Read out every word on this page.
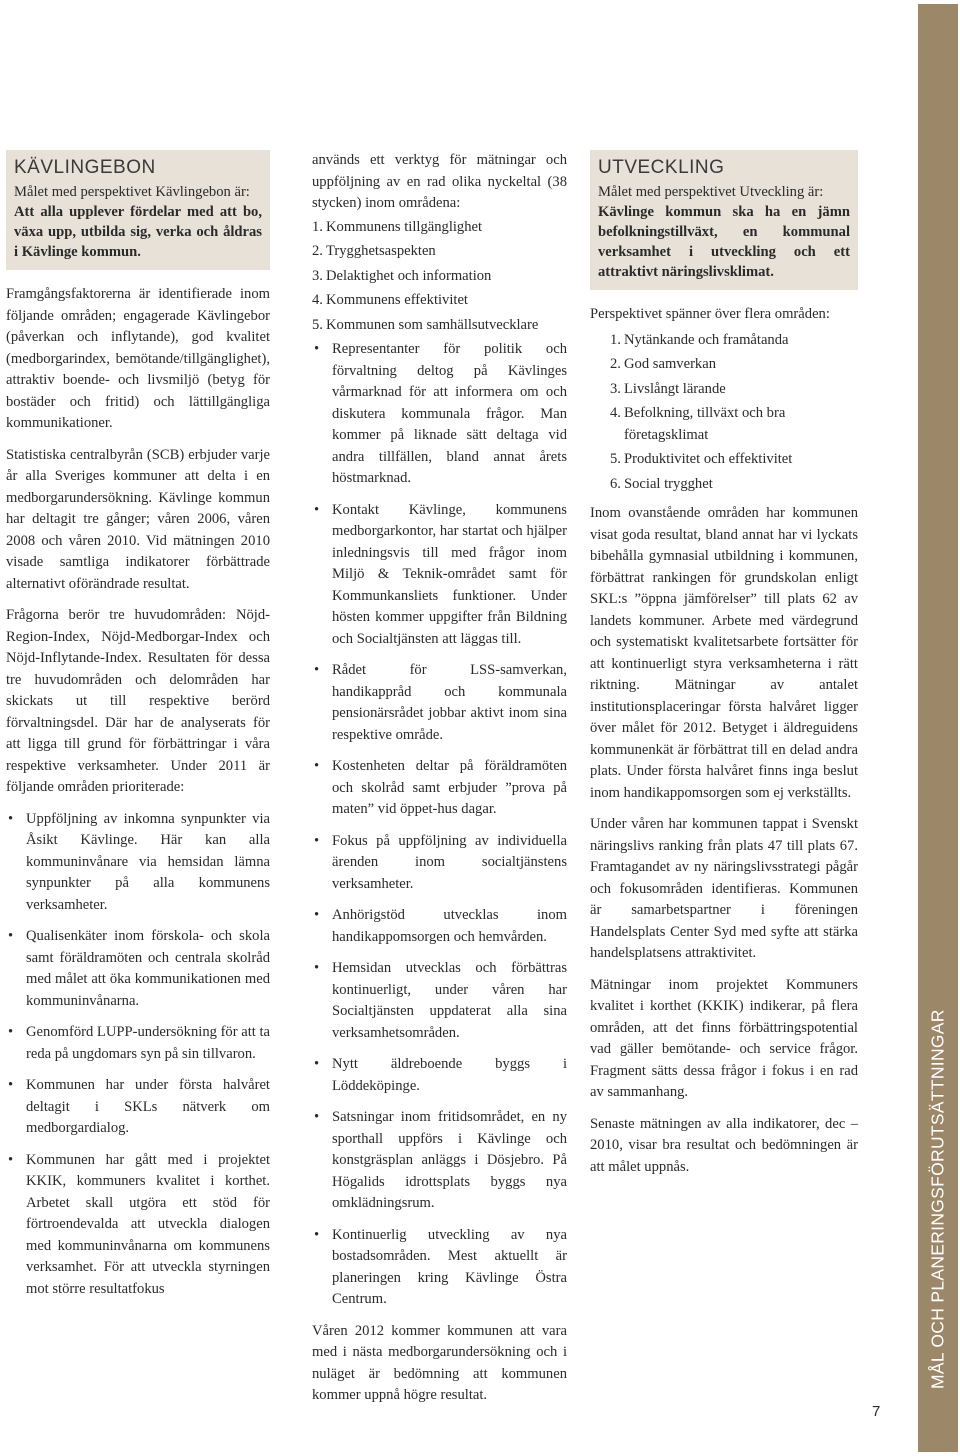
KÄVLINGEBON

Målet med perspektivet Kävlingebon är:

Att alla upplever fördelar med att bo, växa upp, utbilda sig, verka och åldras i Kävlinge kommun.

Framgångsfaktorerna är identifierade inom följande områden; engagerade Kävlingebor (påverkan och inflytande), god kvalitet (medborgarindex, bemötande/tillgänglighet), attraktiv boende- och livsmiljö (betyg för bostäder och fritid) och lättillgängliga kommunikationer.

Statistiska centralbyrån (SCB) erbjuder varje år alla Sveriges kommuner att delta i en medborgarundersökning. Kävlinge kommun har deltagit tre gånger; våren 2006, våren 2008 och våren 2010. Vid mätningen 2010 visade samtliga indikatorer förbättrade alternativt oförändrade resultat.

Frågorna berör tre huvudområden: Nöjd-Region-Index, Nöjd-Medborgar-Index och Nöjd-Inflytande-Index. Resultaten för dessa tre huvudområden och delområden har skickats ut till respektive berörd förvaltningsdel. Där har de analyserats för att ligga till grund för förbättringar i våra respektive verksamheter. Under 2011 är följande områden prioriterade:

• Uppföljning av inkomna synpunkter via Åsikt Kävlinge. Här kan alla kommuninvånare via hemsidan lämna synpunkter på alla kommunens verksamheter.
• Qualisenkäter inom förskola- och skola samt föräldramöten och centrala skolråd med målet att öka kommunikationen med kommuninvånarna.
• Genomförd LUPP-undersökning för att ta reda på ungdomars syn på sin tillvaron.
• Kommunen har under första halvåret deltagit i SKLs nätverk om medborgardialog.
• Kommunen har gått med i projektet KKIK, kommuners kvalitet i korthet. Arbetet skall utgöra ett stöd för förtroendevalda att utveckla dialogen med kommuninvånarna om kommunens verksamhet. För att utveckla styrningen mot större resultatfokus

används ett verktyg för mätningar och uppföljning av en rad olika nyckeltal (38 stycken) inom områdena:

1. Kommunens tillgänglighet
2. Trygghetsaspekten
3. Delaktighet och information
4. Kommunens effektivitet
5. Kommunen som samhällsutvecklare
• Representanter för politik och förvaltning deltog på Kävlinges vårmarknad för att informera om och diskutera kommunala frågor. Man kommer på liknade sätt deltaga vid andra tillfällen, bland annat årets höstmarknad.
• Kontakt Kävlinge, kommunens medborgarkontor, har startat och hjälper inledningsvis till med frågor inom Miljö & Teknik-området samt för Kommunkansliets funktioner. Under hösten kommer uppgifter från Bildning och Socialtjänsten att läggas till.
• Rådet för LSS-samverkan, handikappråd och kommunala pensionärsrådet jobbar aktivt inom sina respektive område.
• Kostenheten deltar på föräldramöten och skolråd samt erbjuder ”prova på maten” vid öppet-hus dagar.
• Fokus på uppföljning av individuella ärenden inom socialtjänstens verksamheter.
• Anhörigstöd utvecklas inom handikappomsorgen och hemvården.
• Hemsidan utvecklas och förbättras kontinuerligt, under våren har Socialtjänsten uppdaterat alla sina verksamhetsområden.
• Nytt äldreboende byggs i Löddeköpinge.
• Satsningar inom fritidsområdet, en ny sporthall uppförs i Kävlinge och konstgräsplan anläggs i Dösjebro. På Högalids idrottsplats byggs nya omklädningsrum.
• Kontinuerlig utveckling av nya bostadsområden. Mest aktuellt är planeringen kring Kävlinge Östra Centrum.

Våren 2012 kommer kommunen att vara med i nästa medborgarundersökning och i nuläget är bedömning att kommunen kommer uppnå högre resultat.

UTVECKLING

Målet med perspektivet Utveckling är:

Kävlinge kommun ska ha en jämn befolkningstillväxt, en kommunal verksamhet i utveckling och ett attraktivt näringslivsklimat.

Perspektivet spänner över flera områden:

1. Nytänkande och framåtanda
2. God samverkan
3. Livslångt lärande
4. Befolkning, tillväxt och bra företagsklimat
5. Produktivitet och effektivitet
6. Social trygghet

Inom ovanstående områden har kommunen visat goda resultat, bland annat har vi lyckats bibehålla gymnasial utbildning i kommunen, förbättrat rankingen för grundskolan enligt SKL:s ”öppna jämförelser” till plats 62 av landets kommuner. Arbete med värdegrund och systematiskt kvalitetsarbete fortsätter för att kontinuerligt styra verksamheterna i rätt riktning. Mätningar av antalet institutionsplaceringar första halvåret ligger över målet för 2012. Betyget i äldreguidens kommunenkät är förbättrat till en delad andra plats. Under första halvåret finns inga beslut inom handikappomsorgen som ej verkställts.

Under våren har kommunen tappat i Svenskt näringslivs ranking från plats 47 till plats 67. Framtagandet av ny näringslivsstrategi pågår och fokusområden identifieras. Kommunen är samarbetspartner i föreningen Handelsplats Center Syd med syfte att stärka handelsplatsens attraktivitet.

Mätningar inom projektet Kommuners kvalitet i korthet (KKIK) indikerar, på flera områden, att det finns förbättringspotential vad gäller bemötande- och service frågor. Fragment sätts dessa frågor i fokus i en rad av sammanhang.

Senaste mätningen av alla indikatorer, dec – 2010, visar bra resultat och bedömningen är att målet uppnås.

7
MÅL OCH PLANERINGSFÖRUTSÄTTNINGAR
